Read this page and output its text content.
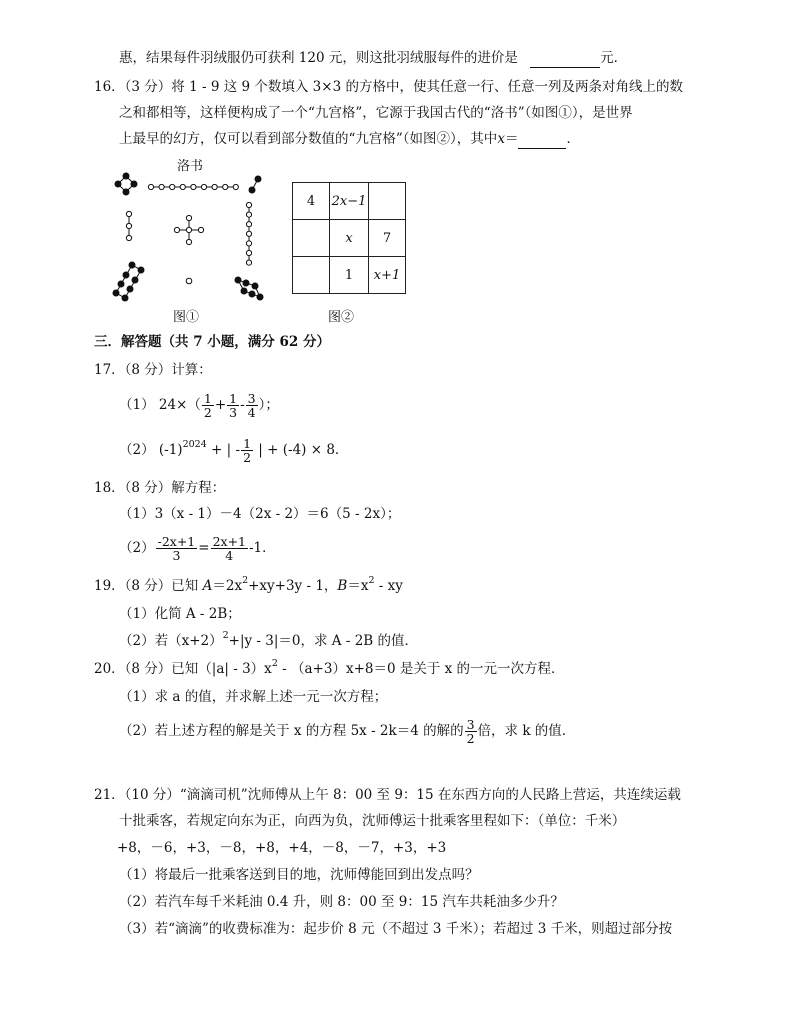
惠，结果每件羽绒服仍可获利 120 元，则这批羽绒服每件的进价是	元．
16．（3 分）将 1 - 9 这 9 个数填入 3×3 的方格中，使其任意一行、任意一列及两条对角线上的数
之和都相等，这样便构成了一个“九宫格”，它源于我国古代的“洛书”（如图①），是世界
上最早的幻方，仅可以看到部分数值的“九宫格”（如图②），其中x＝	．
洛书
图①
4	2x−1	
	x	7
	1	x+1
图②
三．解答题（共 7 小题，满分 62 分）
17．（8 分）计算：
（1） $24\times( \frac{1}{2} + \frac{1}{3} - \frac{3}{4}$ ）；
（2） $(-1)^{2024}$ + | - $\frac{1}{2}$ | + (-4) × 8．
18．（8 分）解方程：
（1）3（x - 1）－4（2x - 2）＝6（5 - 2x）；
$(2) \frac{-2x+1}{3} = \frac{2x+1}{4} -1$．
19．（8 分）已知 $A=2x^2+xy+3y - 1$，$B=x^2$ - xy
（1）化简 A - 2B；
（2）若$(x+2)^2+|y - 3|=0$，求 A - 2B 的值．
20．（8 分）已知$(|a| - 3)x^2 - (a+3)x+8=0$ 是关于 x 的一元一次方程．
（1）求 a 的值，并求解上述一元一次方程；
（2）若上述方程的解是关于 x 的方程 5x - 2k＝4 的解的 $\frac{3}{2}$ 倍，求 k 的值．
21．（10 分）“滴滴司机”沈师傅从上午 8：00 至 9：15 在东西方向的人民路上营运，共连续运载
十批乘客，若规定向东为正，向西为负，沈师傅运十批乘客里程如下：（单位：千米）
+8，－6，+3，－8，+8，+4，－8，－7，+3，+3
（1）将最后一批乘客送到目的地，沈师傅能回到出发点吗？
（2）若汽车每千米耗油 0.4 升，则 8：00 至 9：15 汽车共耗油多少升？
（3）若“滴滴”的收费标准为：起步价 8 元（不超过 3 千米）；若超过 3 千米，则超过部分按
